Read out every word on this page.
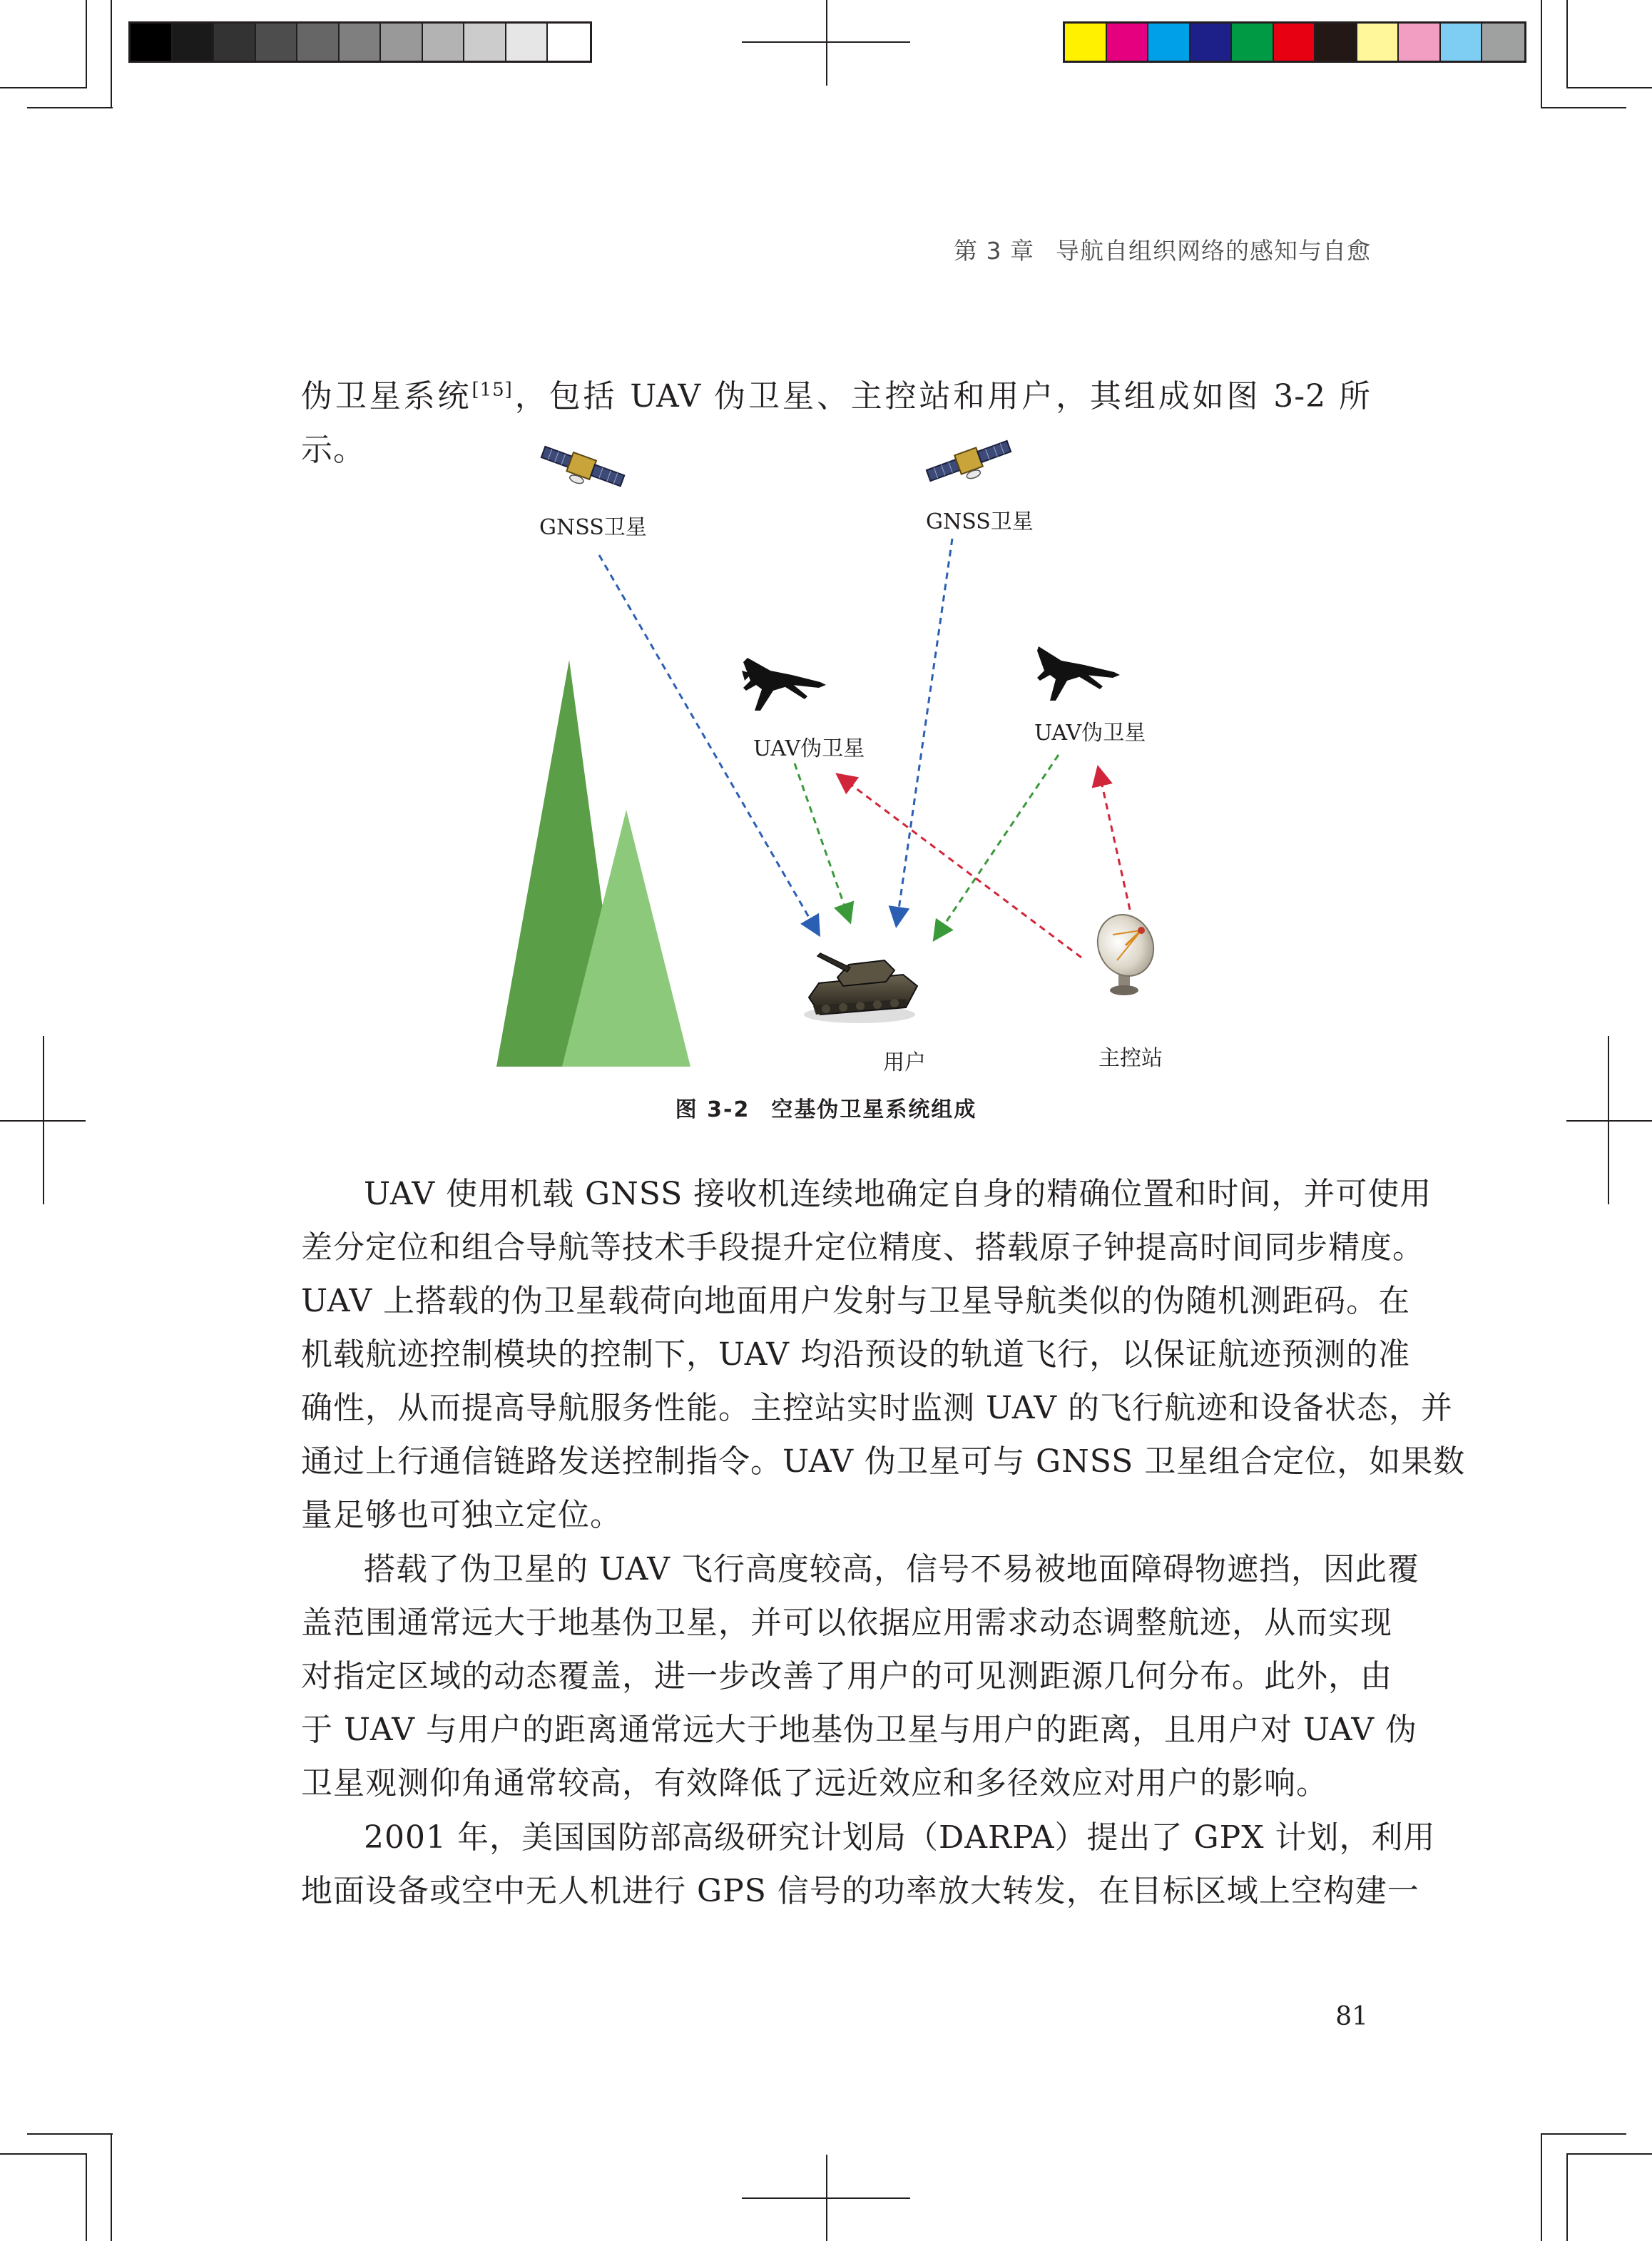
第 3 章 导航自组织网络的感知与自愈

伪卫星系统[15]，包括 UAV 伪卫星、主控站和用户，其组成如图 3-2 所示。

GNSS卫星	GNSS卫星
UAV伪卫星
UAV伪卫星
用户	主控站
图 3-2 空基伪卫星系统组成
UAV 使用机载 GNSS 接收机连续地确定自身的精确位置和时间，并可使用
差分定位和组合导航等技术手段提升定位精度、搭载原子钟提高时间同步精度。
UAV 上搭载的伪卫星载荷向地面用户发射与卫星导航类似的伪随机测距码。在
机载航迹控制模块的控制下，UAV 均沿预设的轨道飞行，以保证航迹预测的准
确性，从而提高导航服务性能。主控站实时监测 UAV 的飞行航迹和设备状态，并
通过上行通信链路发送控制指令。UAV 伪卫星可与 GNSS 卫星组合定位，如果数
量足够也可独立定位。
搭载了伪卫星的 UAV 飞行高度较高，信号不易被地面障碍物遮挡，因此覆
盖范围通常远大于地基伪卫星，并可以依据应用需求动态调整航迹，从而实现
对指定区域的动态覆盖，进一步改善了用户的可见测距源几何分布。此外，由
于 UAV 与用户的距离通常远大于地基伪卫星与用户的距离，且用户对 UAV 伪
卫星观测仰角通常较高，有效降低了远近效应和多径效应对用户的影响。
2001 年，美国国防部高级研究计划局（DARPA）提出了 GPX 计划，利用
地面设备或空中无人机进行 GPS 信号的功率放大转发，在目标区域上空构建一
81
